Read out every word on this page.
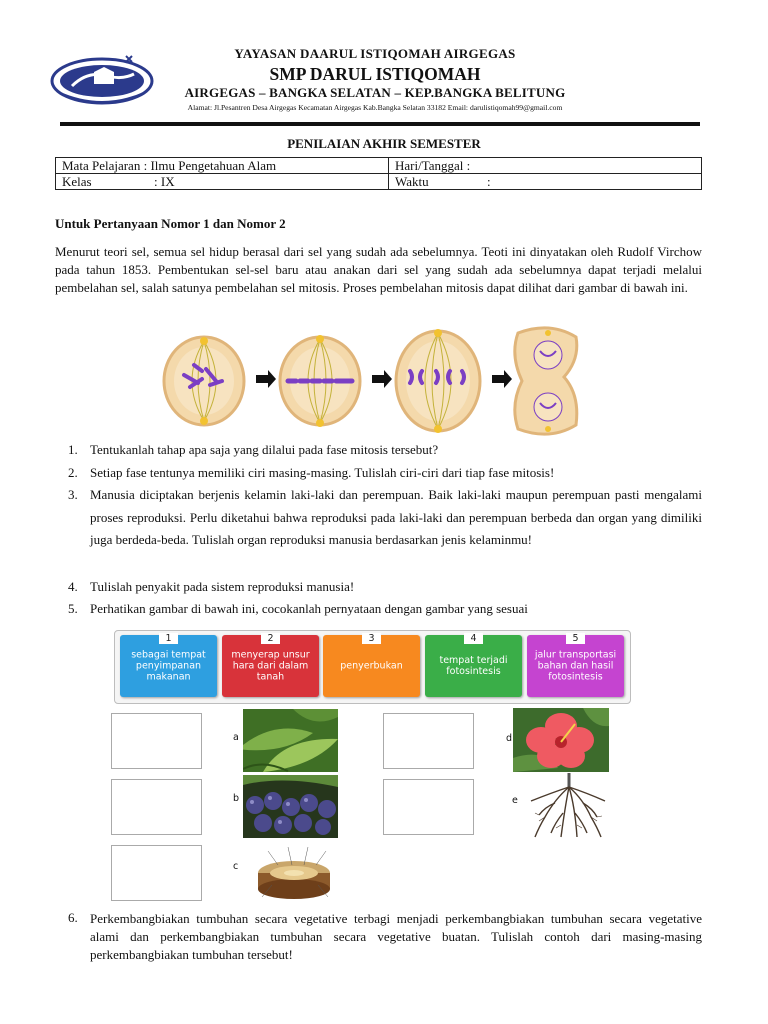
YAYASAN DAARUL ISTIQOMAH AIRGEGAS

SMP DARUL ISTIQOMAH

AIRGEGAS – BANGKA SELATAN – KEP.BANGKA BELITUNG

Alamat: Jl.Pesantren Desa Airgegas Kecamatan Airgegas Kab.Bangka Selatan 33182 Email: darulistiqomah99@gmail.com

PENILAIAN AKHIR SEMESTER

Mata Pelajaran : Ilmu Pengetahuan Alam	Hari/Tanggal :
Kelas : IX	Waktu :

Untuk Pertanyaan Nomor 1 dan Nomor 2

Menurut teori sel, semua sel hidup berasal dari sel yang sudah ada sebelumnya. Teoti ini dinyatakan oleh Rudolf Virchow pada tahun 1853. Pembentukan sel-sel baru atau anakan dari sel yang sudah ada sebelumnya dapat terjadi melalui pembelahan sel, salah satunya pembelahan sel mitosis. Proses pembelahan mitosis dapat dilihat dari gambar di bawah ini.

1. Tentukanlah tahap apa saja yang dilalui pada fase mitosis tersebut?
2. Setiap fase tentunya memiliki ciri masing-masing. Tulislah ciri-ciri dari tiap fase mitosis!
3. Manusia diciptakan berjenis kelamin laki-laki dan perempuan. Baik laki-laki maupun perempuan pasti mengalami proses reproduksi. Perlu diketahui bahwa reproduksi pada laki-laki dan perempuan berbeda dan organ yang dimiliki juga berdeda-beda. Tulislah organ reproduksi manusia berdasarkan jenis kelaminmu!
4. Tulislah penyakit pada sistem reproduksi manusia!
5. Perhatikan gambar di bawah ini, cocokanlah pernyataan dengan gambar yang sesuai
1
sebagai tempat penyimpanan makanan
2
menyerap unsur hara dari dalam tanah
3
penyerbukan
4
tempat terjadi fotosintesis
5
jalur transportasi bahan dan hasil fotosintesis
a
b
c
d
e
6. Perkembangbiakan tumbuhan secara vegetative terbagi menjadi perkembangbiakan tumbuhan secara vegetative alami dan perkembangbiakan tumbuhan secara vegetative buatan. Tulislah contoh dari masing-masing perkembangbiakan tumbuhan tersebut!
